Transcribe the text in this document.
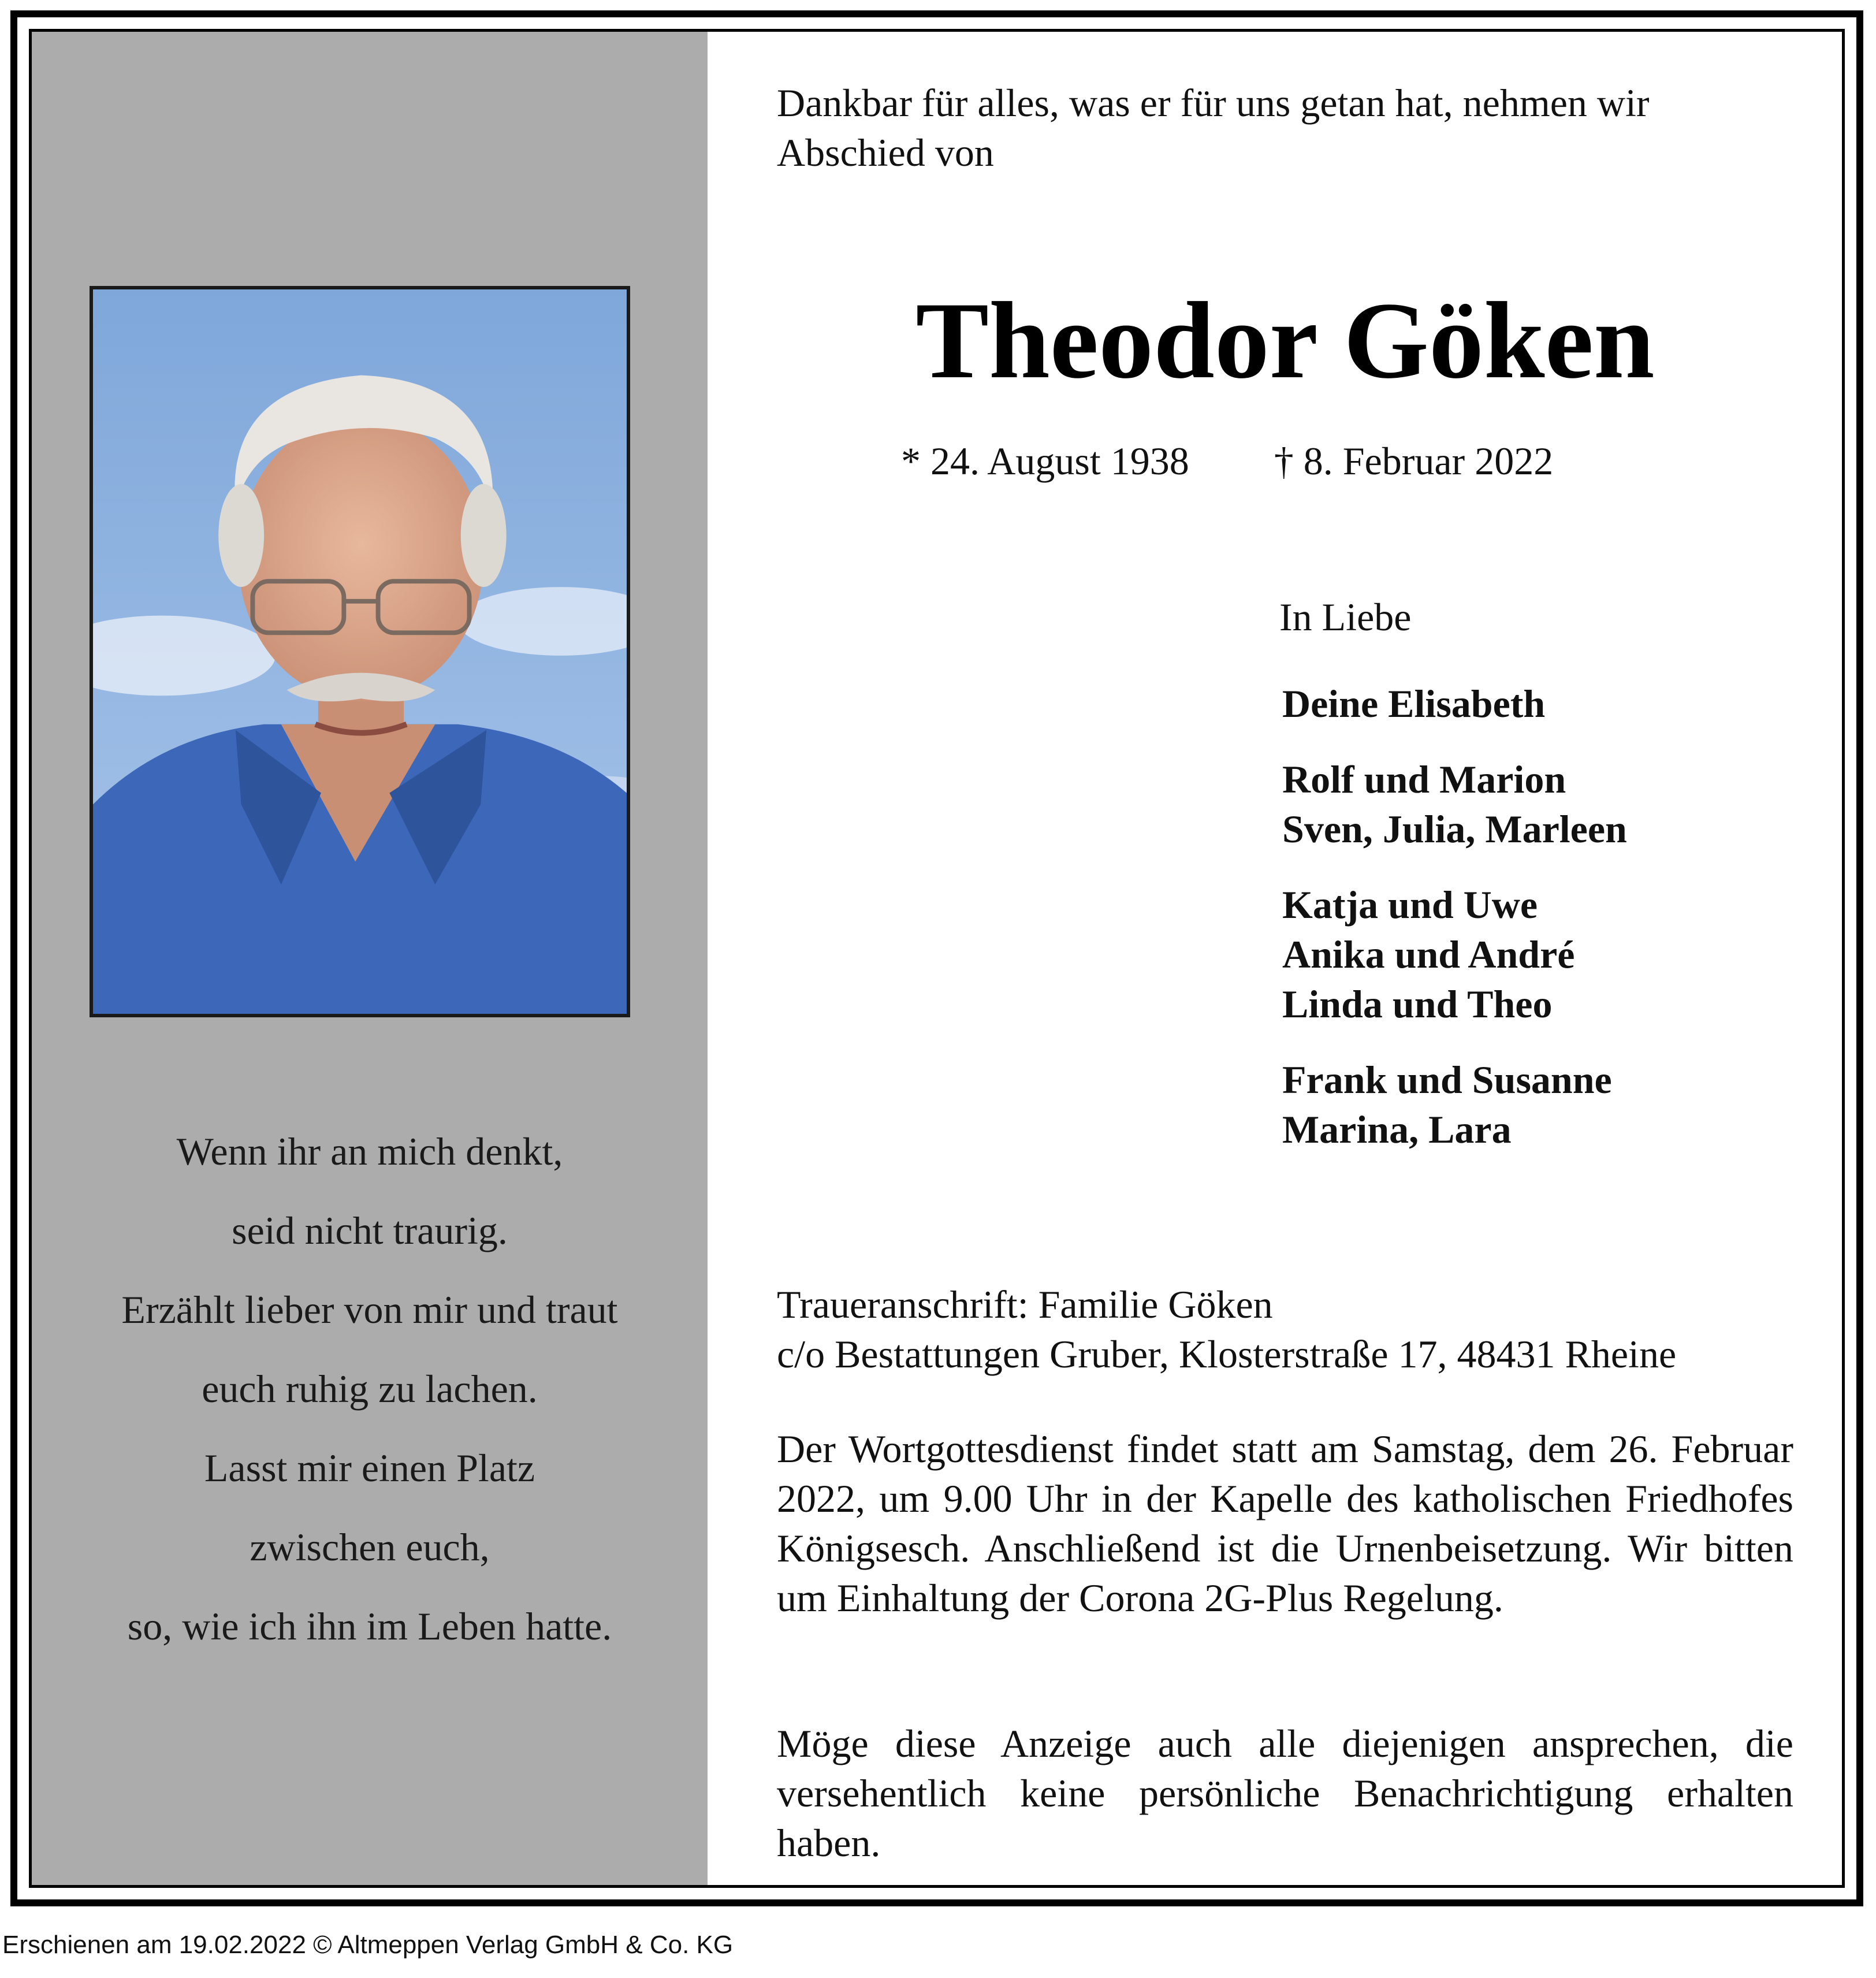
Wenn ihr an mich denkt,
seid nicht traurig.
Erzählt lieber von mir und traut
euch ruhig zu lachen.
Lasst mir einen Platz
zwischen euch,
so, wie ich ihn im Leben hatte.
Dankbar für alles, was er für uns getan hat, nehmen wir Abschied von
Theodor Göken
* 24. August 1938 † 8. Februar 2022
In Liebe
Deine Elisabeth
Rolf und Marion
Sven, Julia, Marleen
Katja und Uwe
Anika und André
Linda und Theo
Frank und Susanne
Marina, Lara
Traueranschrift: Familie Göken
c/o Bestattungen Gruber, Klosterstraße 17, 48431 Rheine
Der Wortgottesdienst findet statt am Samstag, dem 26. Februar 2022, um 9.00 Uhr in der Kapelle des katholischen Friedhofes Königsesch. Anschließend ist die Urnenbeisetzung. Wir bitten um Einhaltung der Corona 2G-Plus Regelung.
Möge diese Anzeige auch alle diejenigen ansprechen, die versehentlich keine persönliche Benachrichtigung erhalten haben.
Erschienen am 19.02.2022 © Altmeppen Verlag GmbH & Co. KG
